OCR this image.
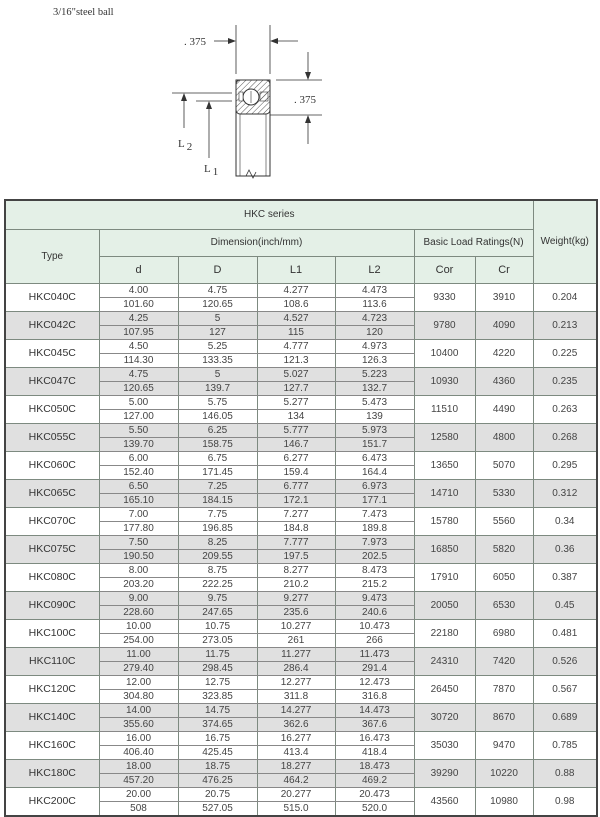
3/16"steel ball
. 375
. 375
L 2
L 1
HKC series							Weight(kg)
Type	Dimension(inch/mm)				Basic Load Ratings(N)		
	d	D	L1	L2	Cor	Cr	
HKC040C	4.00	4.75	4.277	4.473	9330	3910	0.204
	101.60	120.65	108.6	113.6			
HKC042C	4.25	5	4.527	4.723	9780	4090	0.213
	107.95	127	115	120			
HKC045C	4.50	5.25	4.777	4.973	10400	4220	0.225
	114.30	133.35	121.3	126.3			
HKC047C	4.75	5	5.027	5.223	10930	4360	0.235
	120.65	139.7	127.7	132.7			
HKC050C	5.00	5.75	5.277	5.473	11510	4490	0.263
	127.00	146.05	134	139			
HKC055C	5.50	6.25	5.777	5.973	12580	4800	0.268
	139.70	158.75	146.7	151.7			
HKC060C	6.00	6.75	6.277	6.473	13650	5070	0.295
	152.40	171.45	159.4	164.4			
HKC065C	6.50	7.25	6.777	6.973	14710	5330	0.312
	165.10	184.15	172.1	177.1			
HKC070C	7.00	7.75	7.277	7.473	15780	5560	0.34
	177.80	196.85	184.8	189.8			
HKC075C	7.50	8.25	7.777	7.973	16850	5820	0.36
	190.50	209.55	197.5	202.5			
HKC080C	8.00	8.75	8.277	8.473	17910	6050	0.387
	203.20	222.25	210.2	215.2			
HKC090C	9.00	9.75	9.277	9.473	20050	6530	0.45
	228.60	247.65	235.6	240.6			
HKC100C	10.00	10.75	10.277	10.473	22180	6980	0.481
	254.00	273.05	261	266			
HKC110C	11.00	11.75	11.277	11.473	24310	7420	0.526
	279.40	298.45	286.4	291.4			
HKC120C	12.00	12.75	12.277	12.473	26450	7870	0.567
	304.80	323.85	311.8	316.8			
HKC140C	14.00	14.75	14.277	14.473	30720	8670	0.689
	355.60	374.65	362.6	367.6			
HKC160C	16.00	16.75	16.277	16.473	35030	9470	0.785
	406.40	425.45	413.4	418.4			
HKC180C	18.00	18.75	18.277	18.473	39290	10220	0.88
	457.20	476.25	464.2	469.2			
HKC200C	20.00	20.75	20.277	20.473	43560	10980	0.98
	508	527.05	515.0	520.0			
